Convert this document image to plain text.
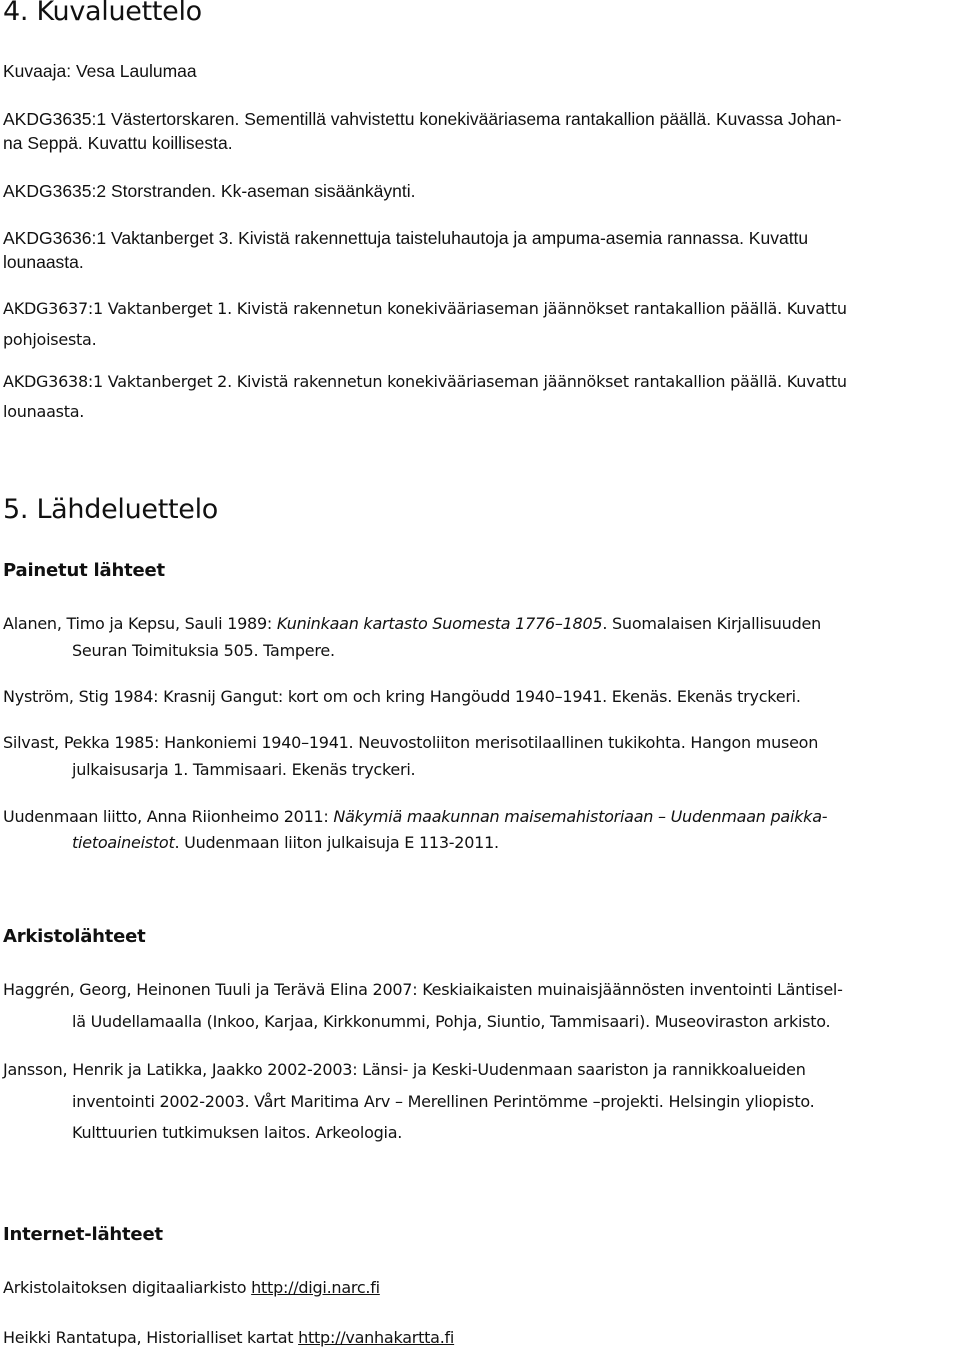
4. Kuvaluettelo
Kuvaaja: Vesa Laulumaa
AKDG3635:1 Västertorskaren. Sementillä vahvistettu konekivääriasema rantakallion päällä. Kuvassa Johan-
na Seppä. Kuvattu koillisesta.
AKDG3635:2 Storstranden. Kk-aseman sisäänkäynti.
AKDG3636:1 Vaktanberget 3. Kivistä rakennettuja taisteluhautoja ja ampuma-asemia rannassa. Kuvattu
lounaasta.
AKDG3637:1 Vaktanberget 1. Kivistä rakennetun konekivääriaseman jäännökset rantakallion päällä. Kuvattu
pohjoisesta.
AKDG3638:1 Vaktanberget 2. Kivistä rakennetun konekivääriaseman jäännökset rantakallion päällä. Kuvattu
lounaasta.
5. Lähdeluettelo
Painetut lähteet
Alanen, Timo ja Kepsu, Sauli 1989: Kuninkaan kartasto Suomesta 1776–1805. Suomalaisen Kirjallisuuden
Seuran Toimituksia 505. Tampere.
Nyström, Stig 1984: Krasnij Gangut: kort om och kring Hangöudd 1940–1941. Ekenäs. Ekenäs tryckeri.
Silvast, Pekka 1985: Hankoniemi 1940–1941. Neuvostoliiton merisotilaallinen tukikohta. Hangon museon
julkaisusarja 1. Tammisaari. Ekenäs tryckeri.
Uudenmaan liitto, Anna Riionheimo 2011: Näkymiä maakunnan maisemahistoriaan – Uudenmaan paikka-
tietoaineistot. Uudenmaan liiton julkaisuja E 113-2011.
Arkistolähteet
Haggrén, Georg, Heinonen Tuuli ja Terävä Elina 2007: Keskiaikaisten muinaisjäännösten inventointi Läntisel-
lä Uudellamaalla (Inkoo, Karjaa, Kirkkonummi, Pohja, Siuntio, Tammisaari). Museoviraston arkisto.
Jansson, Henrik ja Latikka, Jaakko 2002-2003: Länsi- ja Keski-Uudenmaan saariston ja rannikkoalueiden
inventointi 2002-2003. Vårt Maritima Arv – Merellinen Perintömme –projekti. Helsingin yliopisto.
Kulttuurien tutkimuksen laitos. Arkeologia.
Internet-lähteet
Arkistolaitoksen digitaaliarkisto http://digi.narc.fi
Heikki Rantatupa, Historialliset kartat http://vanhakartta.fi
